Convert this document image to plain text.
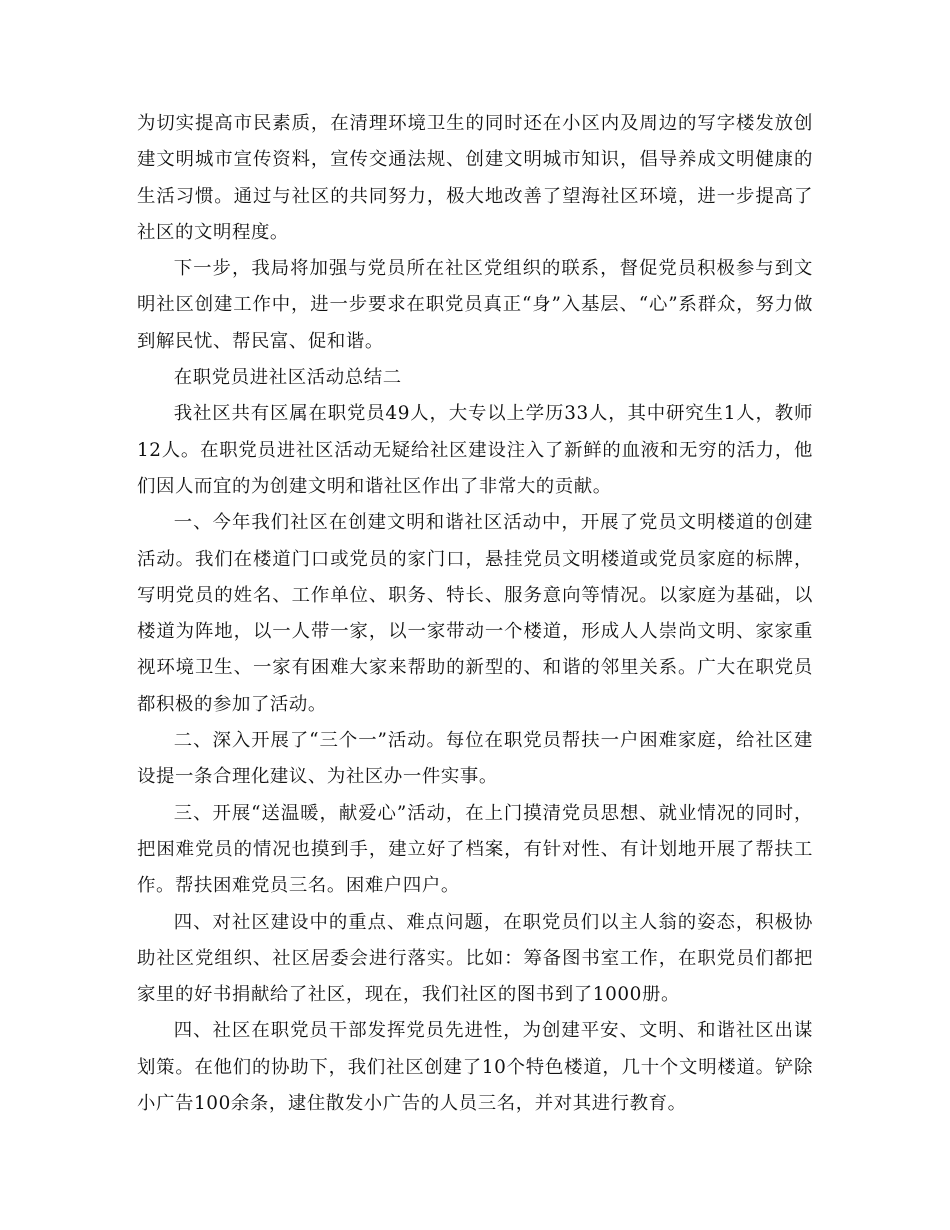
为切实提高市民素质，在清理环境卫生的同时还在小区内及周边的写字楼发放创建文明城市宣传资料，宣传交通法规、创建文明城市知识，倡导养成文明健康的生活习惯。通过与社区的共同努力，极大地改善了望海社区环境，进一步提高了社区的文明程度。

下一步，我局将加强与党员所在社区党组织的联系，督促党员积极参与到文明社区创建工作中，进一步要求在职党员真正“身”入基层、“心”系群众，努力做到解民忧、帮民富、促和谐。

在职党员进社区活动总结二

我社区共有区属在职党员49人，大专以上学历33人，其中研究生1人，教师12人。在职党员进社区活动无疑给社区建设注入了新鲜的血液和无穷的活力，他们因人而宜的为创建文明和谐社区作出了非常大的贡献。

一、今年我们社区在创建文明和谐社区活动中，开展了党员文明楼道的创建活动。我们在楼道门口或党员的家门口，悬挂党员文明楼道或党员家庭的标牌，写明党员的姓名、工作单位、职务、特长、服务意向等情况。以家庭为基础，以楼道为阵地，以一人带一家，以一家带动一个楼道，形成人人崇尚文明、家家重视环境卫生、一家有困难大家来帮助的新型的、和谐的邻里关系。广大在职党员都积极的参加了活动。

二、深入开展了“三个一”活动。每位在职党员帮扶一户困难家庭，给社区建设提一条合理化建议、为社区办一件实事。

三、开展“送温暖，献爱心”活动，在上门摸清党员思想、就业情况的同时，把困难党员的情况也摸到手，建立好了档案，有针对性、有计划地开展了帮扶工作。帮扶困难党员三名。困难户四户。

四、对社区建设中的重点、难点问题，在职党员们以主人翁的姿态，积极协助社区党组织、社区居委会进行落实。比如：筹备图书室工作，在职党员们都把家里的好书捐献给了社区，现在，我们社区的图书到了1000册。

四、社区在职党员干部发挥党员先进性，为创建平安、文明、和谐社区出谋划策。在他们的协助下，我们社区创建了10个特色楼道，几十个文明楼道。铲除小广告100余条，逮住散发小广告的人员三名，并对其进行教育。
